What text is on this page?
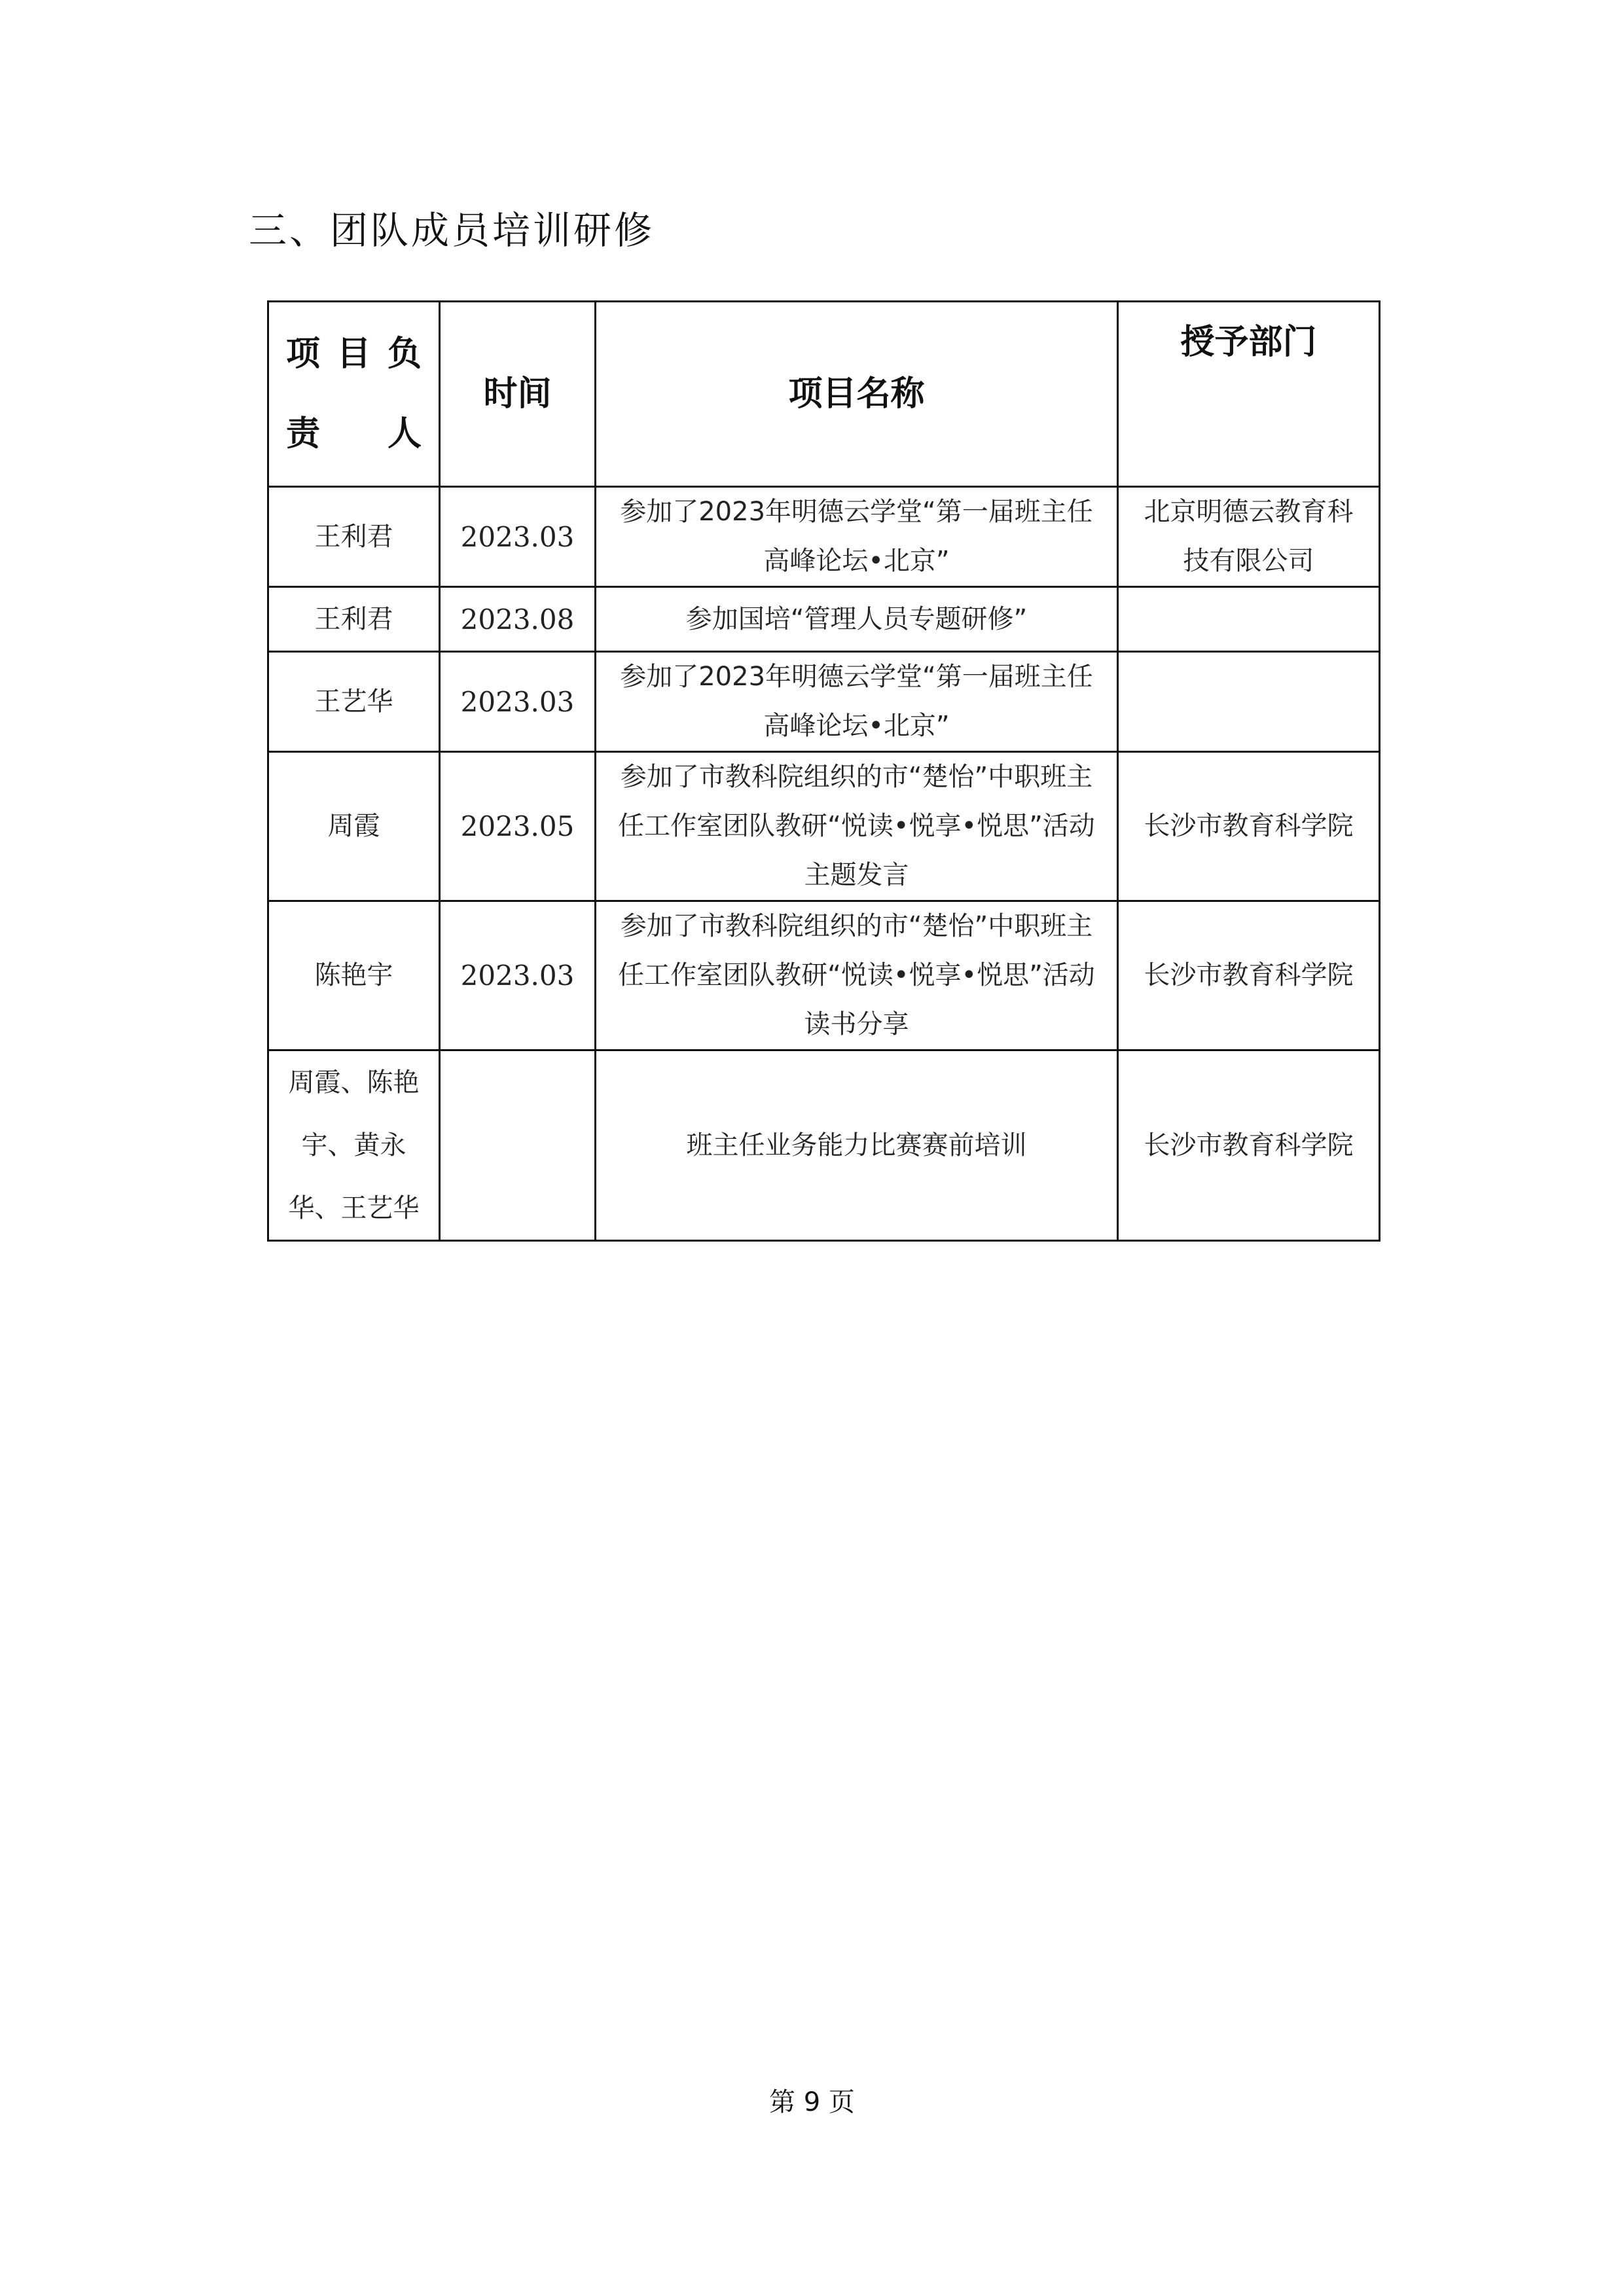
三、团队成员培训研修
项目负责人	时间	项目名称	授予部门
王利君	2023.03	参加了2023年明德云学堂“第一届班主任高峰论坛•北京”	北京明德云教育科技有限公司
王利君	2023.08	参加国培“管理人员专题研修”	
王艺华	2023.03	参加了2023年明德云学堂“第一届班主任高峰论坛•北京”	
周霞	2023.05	参加了市教科院组织的市“楚怡”中职班主任工作室团队教研“悦读•悦享•悦思”活动主题发言	长沙市教育科学院
陈艳宇	2023.03	参加了市教科院组织的市“楚怡”中职班主任工作室团队教研“悦读•悦享•悦思”活动读书分享	长沙市教育科学院
周霞、陈艳宇、黄永华、王艺华		班主任业务能力比赛赛前培训	长沙市教育科学院

第 9 页
